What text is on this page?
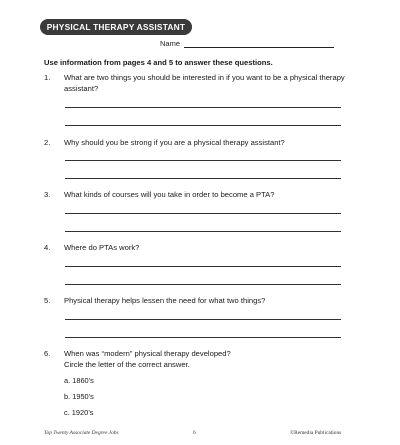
PHYSICAL THERAPY ASSISTANT
Name
Use information from pages 4 and 5 to answer these questions.
1. What are two things you should be interested in if you want to be a physical therapy assistant?
2. Why should you be strong if you are a physical therapy assistant?
3. What kinds of courses will you take in order to become a PTA?
4. Where do PTAs work?
5. Physical therapy helps lessen the need for what two things?
6. When was “modern” physical therapy developed?
Circle the letter of the correct answer.
a. 1860’s
b. 1950’s
c. 1920’s
Top Twenty Associate Degree Jobs	6	©Remedia Publications
